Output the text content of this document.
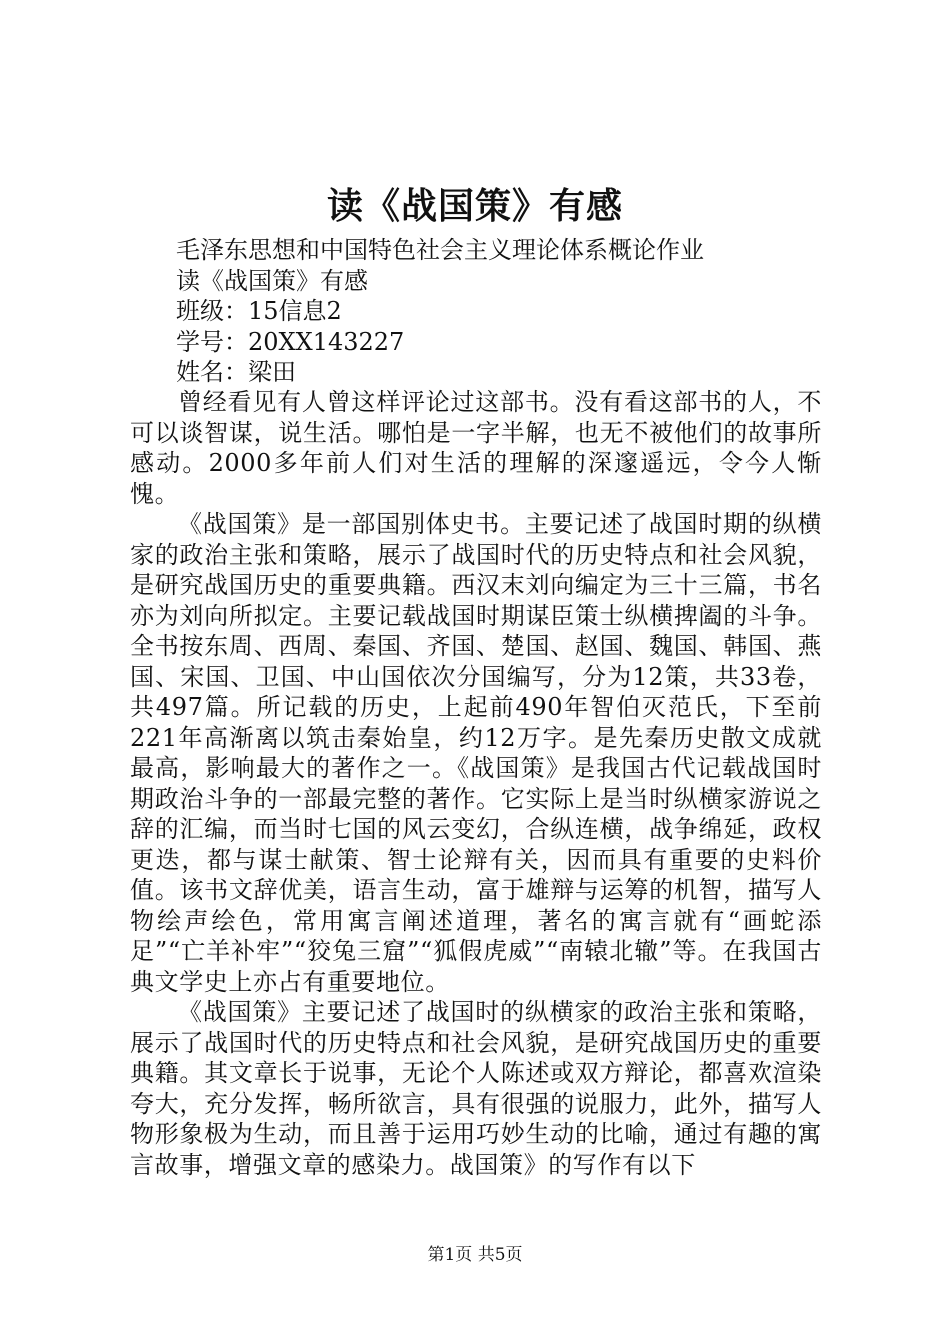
读《战国策》有感
毛泽东思想和中国特色社会主义理论体系概论作业
读《战国策》有感
班级：15信息2
学号：20XX143227
姓名：梁田

曾经看见有人曾这样评论过这部书。没有看这部书的人，不可以谈智谋，说生活。哪怕是一字半解，也无不被他们的故事所感动。2000多年前人们对生活的理解的深邃遥远，令今人惭愧。

《战国策》是一部国别体史书。主要记述了战国时期的纵横家的政治主张和策略，展示了战国时代的历史特点和社会风貌，是研究战国历史的重要典籍。西汉末刘向编定为三十三篇，书名亦为刘向所拟定。主要记载战国时期谋臣策士纵横捭阖的斗争。全书按东周、西周、秦国、齐国、楚国、赵国、魏国、韩国、燕国、宋国、卫国、中山国依次分国编写，分为12策，共33卷，共497篇。所记载的历史，上起前490年智伯灭范氏，下至前221年高渐离以筑击秦始皇，约12万字。是先秦历史散文成就最高，影响最大的著作之一。《战国策》是我国古代记载战国时期政治斗争的一部最完整的著作。它实际上是当时纵横家游说之辞的汇编，而当时七国的风云变幻，合纵连横，战争绵延，政权更迭，都与谋士献策、智士论辩有关，因而具有重要的史料价值。该书文辞优美，语言生动，富于雄辩与运筹的机智，描写人物绘声绘色，常用寓言阐述道理，著名的寓言就有“画蛇添足”“亡羊补牢”“狡兔三窟”“狐假虎威”“南辕北辙”等。在我国古典文学史上亦占有重要地位。

《战国策》主要记述了战国时的纵横家的政治主张和策略，展示了战国时代的历史特点和社会风貌，是研究战国历史的重要典籍。其文章长于说事，无论个人陈述或双方辩论，都喜欢渲染夸大，充分发挥，畅所欲言，具有很强的说服力，此外，描写人物形象极为生动，而且善于运用巧妙生动的比喻，通过有趣的寓言故事，增强文章的感染力。战国策》的写作有以下

第1页 共5页
